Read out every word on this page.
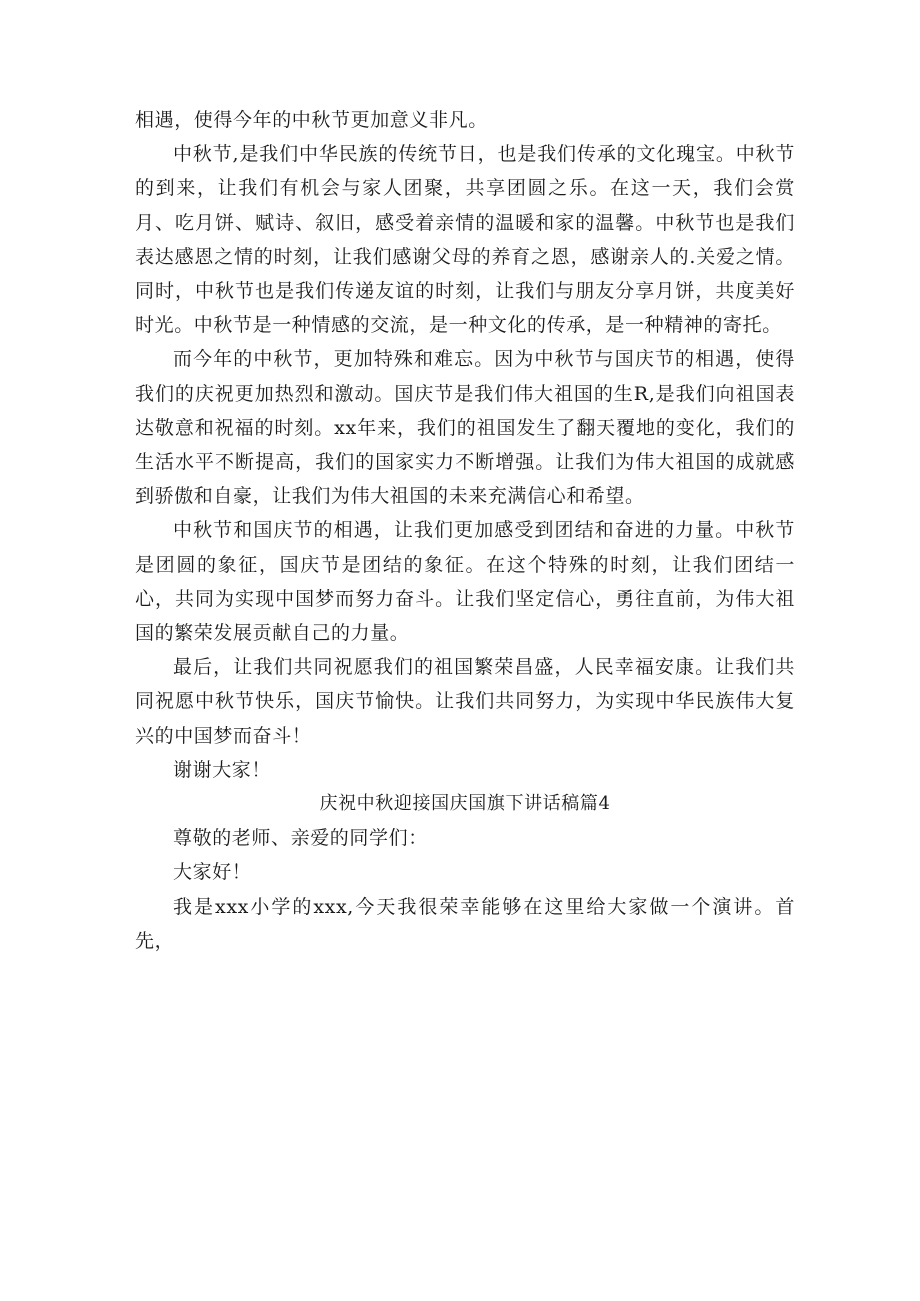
相遇，使得今年的中秋节更加意义非凡。

中秋节,是我们中华民族的传统节日，也是我们传承的文化瑰宝。中秋节的到来，让我们有机会与家人团聚，共享团圆之乐。在这一天，我们会赏月、吃月饼、赋诗、叙旧，感受着亲情的温暖和家的温馨。中秋节也是我们表达感恩之情的时刻，让我们感谢父母的养育之恩，感谢亲人的.关爱之情。同时，中秋节也是我们传递友谊的时刻，让我们与朋友分享月饼，共度美好时光。中秋节是一种情感的交流，是一种文化的传承，是一种精神的寄托。

而今年的中秋节，更加特殊和难忘。因为中秋节与国庆节的相遇，使得我们的庆祝更加热烈和激动。国庆节是我们伟大祖国的生R,是我们向祖国表达敬意和祝福的时刻。xx年来，我们的祖国发生了翻天覆地的变化，我们的生活水平不断提高，我们的国家实力不断增强。让我们为伟大祖国的成就感到骄傲和自豪，让我们为伟大祖国的未来充满信心和希望。

中秋节和国庆节的相遇，让我们更加感受到团结和奋进的力量。中秋节是团圆的象征，国庆节是团结的象征。在这个特殊的时刻，让我们团结一心，共同为实现中国梦而努力奋斗。让我们坚定信心，勇往直前，为伟大祖国的繁荣发展贡献自己的力量。

最后，让我们共同祝愿我们的祖国繁荣昌盛，人民幸福安康。让我们共同祝愿中秋节快乐，国庆节愉快。让我们共同努力，为实现中华民族伟大复兴的中国梦而奋斗！

谢谢大家！

庆祝中秋迎接国庆国旗下讲话稿篇4

尊敬的老师、亲爱的同学们：

大家好！

我是xxx小学的xxx,今天我很荣幸能够在这里给大家做一个演讲。首先，
